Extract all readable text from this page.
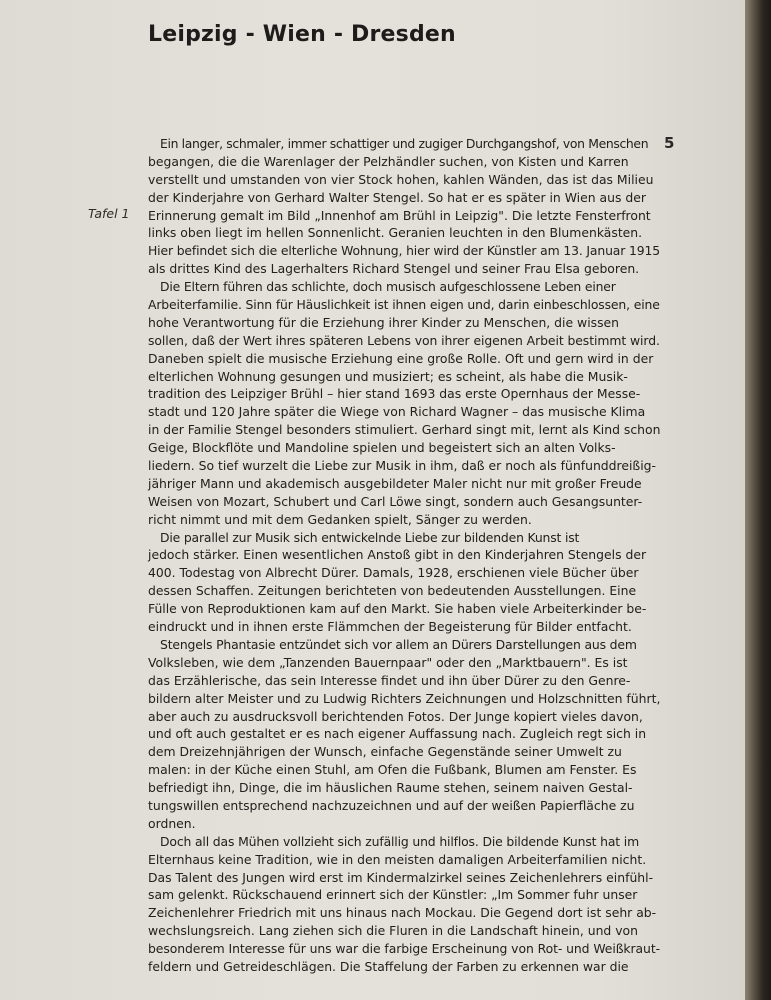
Leipzig - Wien - Dresden
5
Tafel 1
Ein langer, schmaler, immer schattiger und zugiger Durchgangshof, von Menschen
begangen, die die Warenlager der Pelzhändler suchen, von Kisten und Karren
verstellt und umstanden von vier Stock hohen, kahlen Wänden, das ist das Milieu
der Kinderjahre von Gerhard Walter Stengel. So hat er es später in Wien aus der
Erinnerung gemalt im Bild „Innenhof am Brühl in Leipzig". Die letzte Fensterfront
links oben liegt im hellen Sonnenlicht. Geranien leuchten in den Blumenkästen.
Hier befindet sich die elterliche Wohnung, hier wird der Künstler am 13. Januar 1915
als drittes Kind des Lagerhalters Richard Stengel und seiner Frau Elsa geboren.
Die Eltern führen das schlichte, doch musisch aufgeschlossene Leben einer
Arbeiterfamilie. Sinn für Häuslichkeit ist ihnen eigen und, darin einbeschlossen, eine
hohe Verantwortung für die Erziehung ihrer Kinder zu Menschen, die wissen
sollen, daß der Wert ihres späteren Lebens von ihrer eigenen Arbeit bestimmt wird.
Daneben spielt die musische Erziehung eine große Rolle. Oft und gern wird in der
elterlichen Wohnung gesungen und musiziert; es scheint, als habe die Musik-
tradition des Leipziger Brühl – hier stand 1693 das erste Opernhaus der Messe-
stadt und 120 Jahre später die Wiege von Richard Wagner – das musische Klima
in der Familie Stengel besonders stimuliert. Gerhard singt mit, lernt als Kind schon
Geige, Blockflöte und Mandoline spielen und begeistert sich an alten Volks-
liedern. So tief wurzelt die Liebe zur Musik in ihm, daß er noch als fünfunddreißig-
jähriger Mann und akademisch ausgebildeter Maler nicht nur mit großer Freude
Weisen von Mozart, Schubert und Carl Löwe singt, sondern auch Gesangsunter-
richt nimmt und mit dem Gedanken spielt, Sänger zu werden.
Die parallel zur Musik sich entwickelnde Liebe zur bildenden Kunst ist
jedoch stärker. Einen wesentlichen Anstoß gibt in den Kinderjahren Stengels der
400. Todestag von Albrecht Dürer. Damals, 1928, erschienen viele Bücher über
dessen Schaffen. Zeitungen berichteten von bedeutenden Ausstellungen. Eine
Fülle von Reproduktionen kam auf den Markt. Sie haben viele Arbeiterkinder be-
eindruckt und in ihnen erste Flämmchen der Begeisterung für Bilder entfacht.
Stengels Phantasie entzündet sich vor allem an Dürers Darstellungen aus dem
Volksleben, wie dem „Tanzenden Bauernpaar" oder den „Marktbauern". Es ist
das Erzählerische, das sein Interesse findet und ihn über Dürer zu den Genre-
bildern alter Meister und zu Ludwig Richters Zeichnungen und Holzschnitten führt,
aber auch zu ausdrucksvoll berichtenden Fotos. Der Junge kopiert vieles davon,
und oft auch gestaltet er es nach eigener Auffassung nach. Zugleich regt sich in
dem Dreizehnjährigen der Wunsch, einfache Gegenstände seiner Umwelt zu
malen: in der Küche einen Stuhl, am Ofen die Fußbank, Blumen am Fenster. Es
befriedigt ihn, Dinge, die im häuslichen Raume stehen, seinem naiven Gestal-
tungswillen entsprechend nachzuzeichnen und auf der weißen Papierfläche zu
ordnen.
Doch all das Mühen vollzieht sich zufällig und hilflos. Die bildende Kunst hat im
Elternhaus keine Tradition, wie in den meisten damaligen Arbeiterfamilien nicht.
Das Talent des Jungen wird erst im Kindermalzirkel seines Zeichenlehrers einfühl-
sam gelenkt. Rückschauend erinnert sich der Künstler: „Im Sommer fuhr unser
Zeichenlehrer Friedrich mit uns hinaus nach Mockau. Die Gegend dort ist sehr ab-
wechslungsreich. Lang ziehen sich die Fluren in die Landschaft hinein, und von
besonderem Interesse für uns war die farbige Erscheinung von Rot- und Weißkraut-
feldern und Getreideschlägen. Die Staffelung der Farben zu erkennen war die
